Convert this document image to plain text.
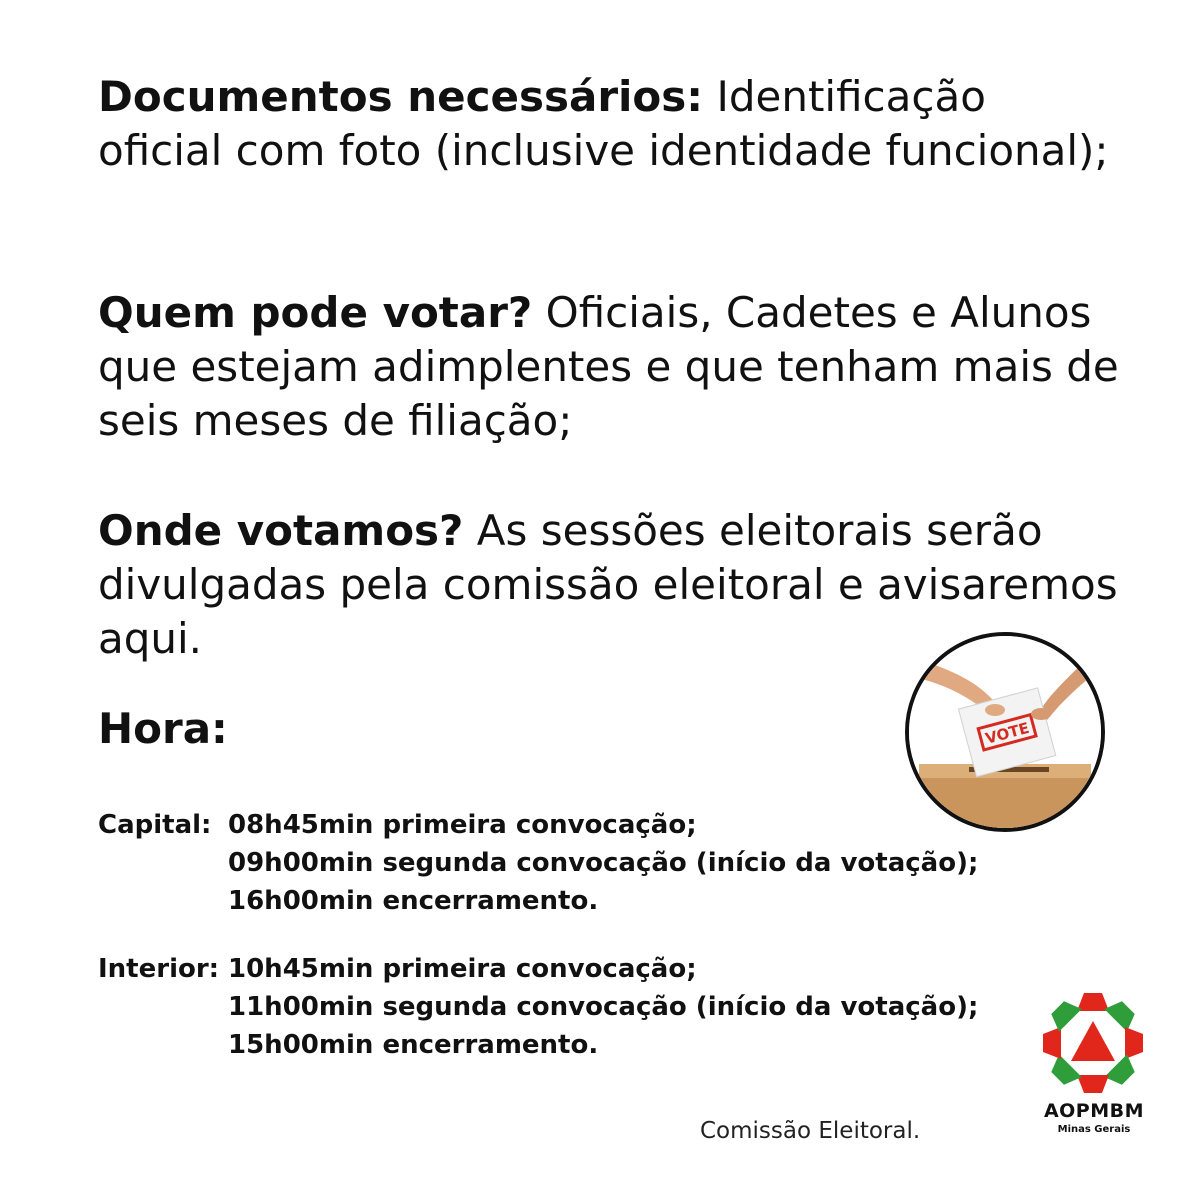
Documentos necessários: Identificação oficial com foto (inclusive identidade funcional);
Quem pode votar? Oficiais, Cadetes e Alunos que estejam adimplentes e que tenham mais de seis meses de filiação;
Onde votamos? As sessões eleitorais serão divulgadas pela comissão eleitoral e avisaremos aqui.
Hora:
Capital: 08h45min primeira convocação;
09h00min segunda convocação (início da votação);
16h00min encerramento.
Interior: 10h45min primeira convocação;
11h00min segunda convocação (início da votação);
15h00min encerramento.
VOTE
AOPMBM
Minas Gerais
Comissão Eleitoral.
